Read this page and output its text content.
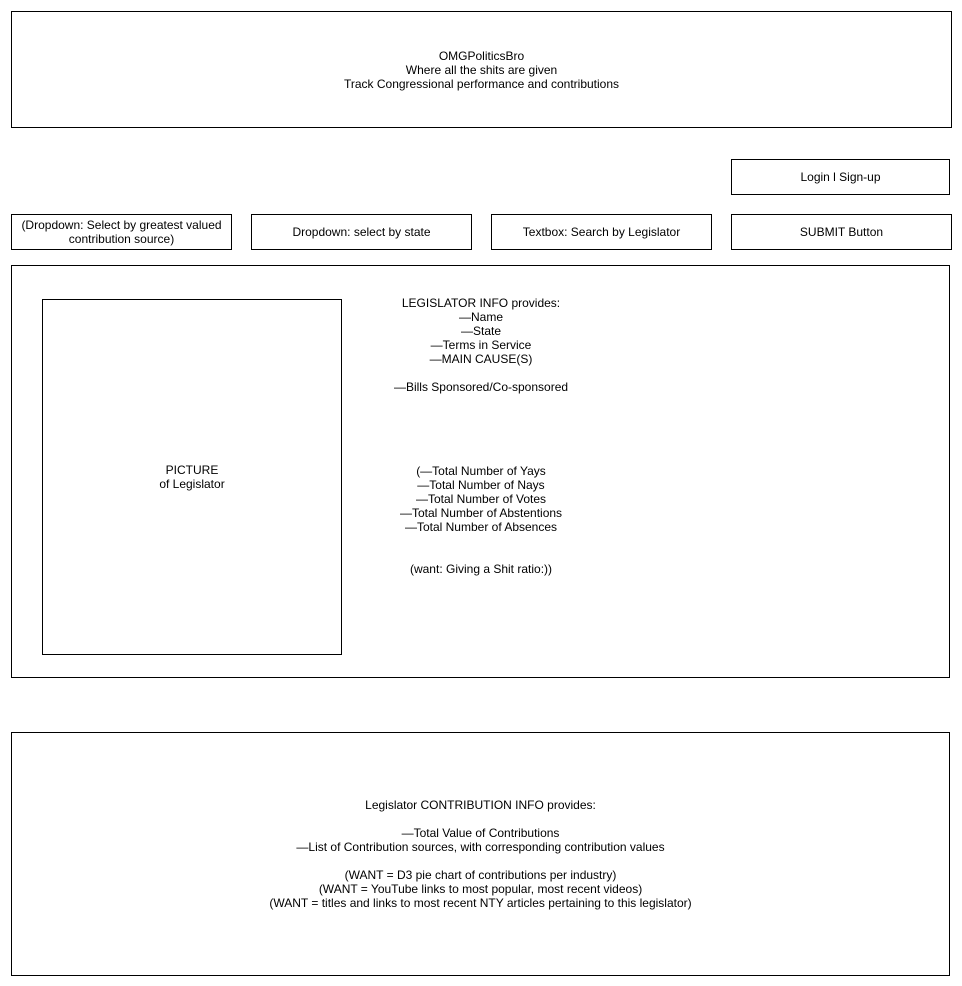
OMGPoliticsBro
Where all the shits are given
Track Congressional performance and contributions
Login l Sign-up
(Dropdown: Select by greatest valued
contribution source)	Dropdown: select by state	Textbox: Search by Legislator	SUBMIT Button
PICTURE
of Legislator
LEGISLATOR INFO provides:
—Name
—State
—Terms in Service
—MAIN CAUSE(S)
—Bills Sponsored/Co-sponsored
(—Total Number of Yays
—Total Number of Nays
—Total Number of Votes
—Total Number of Abstentions
—Total Number of Absences
(want: Giving a Shit ratio:))
Legislator CONTRIBUTION INFO provides:
—Total Value of Contributions
—List of Contribution sources, with corresponding contribution values
(WANT = D3 pie chart of contributions per industry)
(WANT = YouTube links to most popular, most recent videos)
(WANT = titles and links to most recent NTY articles pertaining to this legislator)
